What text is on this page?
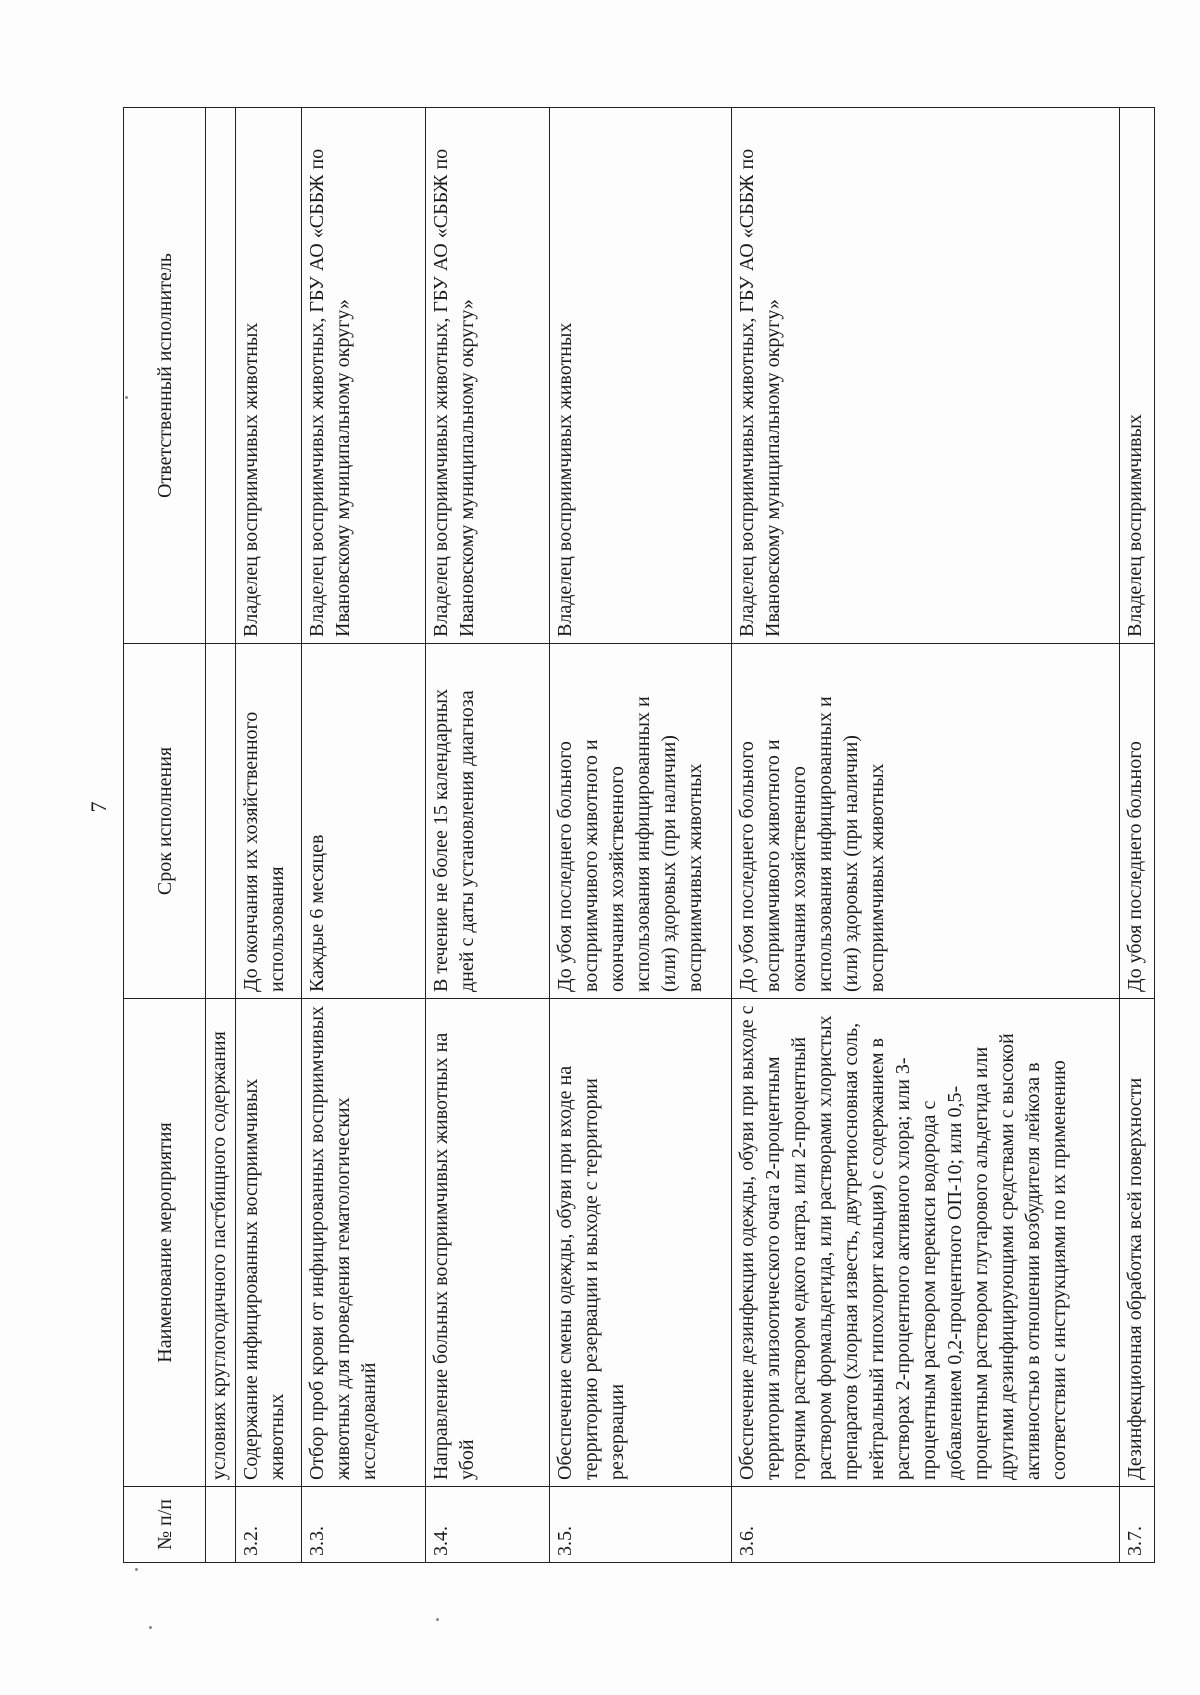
7
№ п/п	Наименование мероприятия	Срок исполнения	Ответственный исполнитель
	условиях круглогодичного пастбищного содержания		
3.2.	Содержание инфицированных восприимчивых животных	До окончания их хозяйственного использования	Владелец восприимчивых животных
3.3.	Отбор проб крови от инфицированных восприимчивых животных для проведения гематологических исследований	Каждые 6 месяцев	Владелец восприимчивых животных, ГБУ АО «СББЖ по Ивановскому муниципальному округу»
3.4.	Направление больных восприимчивых животных на убой	В течение не более 15 календарных дней с даты установления диагноза	Владелец восприимчивых животных, ГБУ АО «СББЖ по Ивановскому муниципальному округу»
3.5.	Обеспечение смены одежды, обуви при входе на территорию резервации и выходе с территории резервации	До убоя последнего больного восприимчивого животного и окончания хозяйственного использования инфицированных и (или) здоровых (при наличии) восприимчивых животных	Владелец восприимчивых животных
3.6.	Обеспечение дезинфекции одежды, обуви при выходе с территории эпизоотического очага 2-процентным горячим раствором едкого натра, или 2-процентный раствором формальдегида, или растворами хлористых препаратов (хлорная известь, двутретиосновная соль, нейтральный гипохлорит кальция) с содержанием в растворах 2-процентного активного хлора; или 3-процентным раствором перекиси водорода с добавлением 0,2-процентного ОП-10; или 0,5-процентным раствором глутарового альдегида или другими дезинфицирующими средствами с высокой активностью в отношении возбудителя лейкоза в соответствии с инструкциями по их применению	До убоя последнего больного восприимчивого животного и окончания хозяйственного использования инфицированных и (или) здоровых (при наличии) восприимчивых животных	Владелец восприимчивых животных, ГБУ АО «СББЖ по Ивановскому муниципальному округу»
3.7.	Дезинфекционная обработка всей поверхности	До убоя последнего больного	Владелец восприимчивых
